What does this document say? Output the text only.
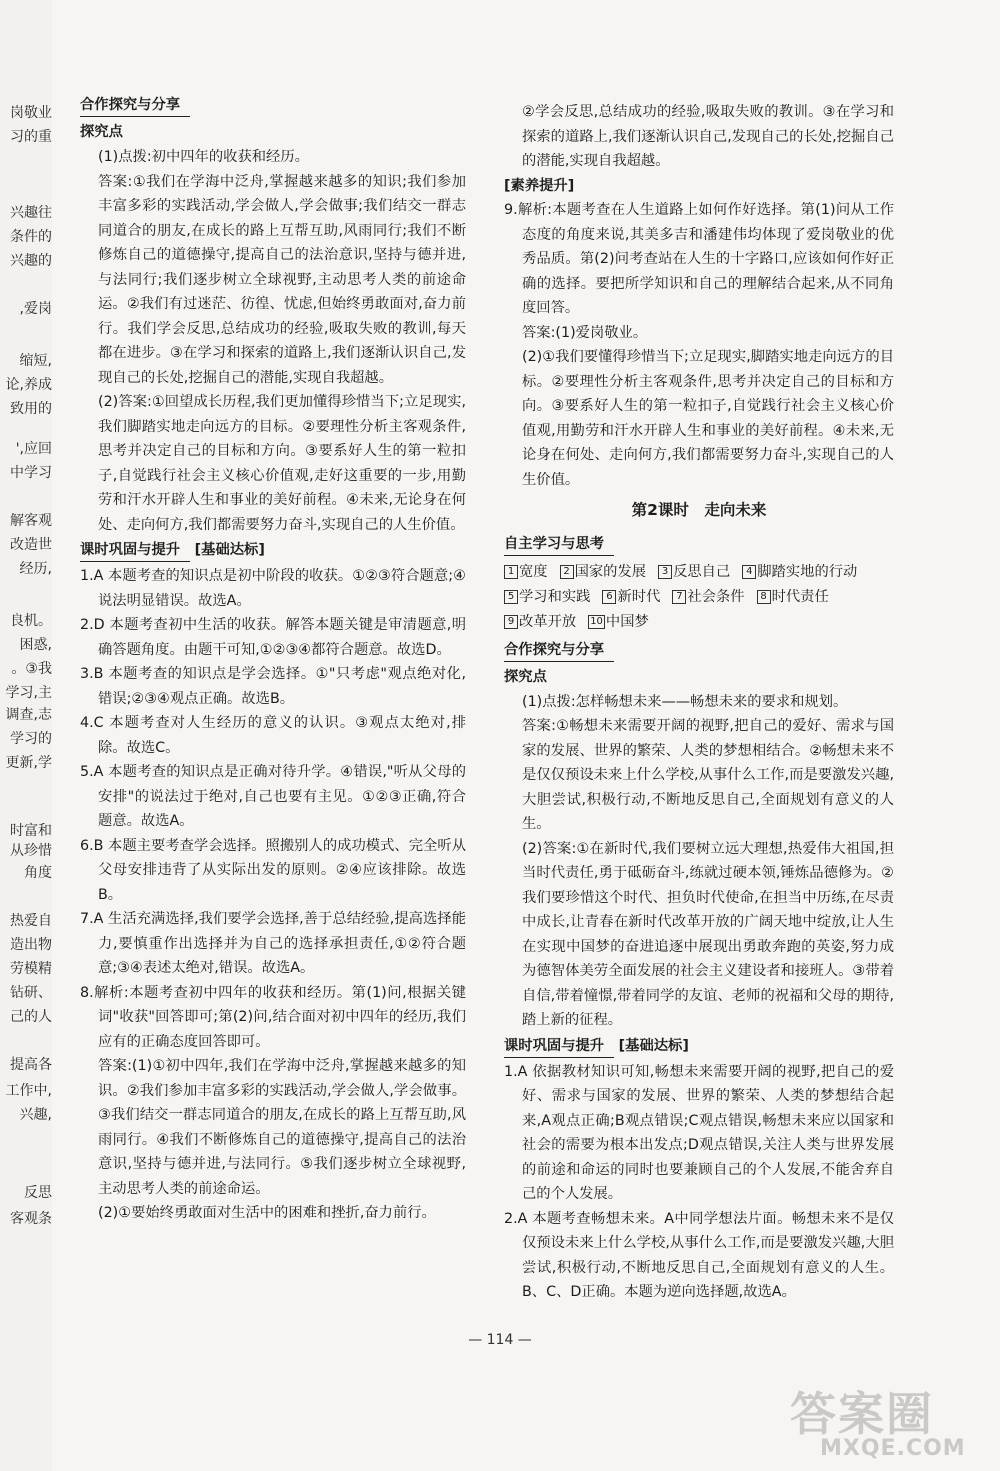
岗敬业
习的重
兴趣往
条件的
兴趣的
,爱岗
缩短,
论,养成
致用的
',应回
中学习
解客观
改造世
经历,
良机。
困惑,
。③我
学习,主
调查,志
学习的
更新,学
时富和
从珍惜
角度
热爱自
造出物
劳模精
钻研、
己的人
提高各
工作中,
兴趣,
反思
客观条
合作探究与分享
探究点

(1)点拨:初中四年的收获和经历。

答案:①我们在学海中泛舟,掌握越来越多的知识;我们参加丰富多彩的实践活动,学会做人,学会做事;我们结交一群志同道合的朋友,在成长的路上互帮互助,风雨同行;我们不断修炼自己的道德操守,提高自己的法治意识,坚持与德并进,与法同行;我们逐步树立全球视野,主动思考人类的前途命运。②我们有过迷茫、彷徨、忧虑,但始终勇敢面对,奋力前行。我们学会反思,总结成功的经验,吸取失败的教训,每天都在进步。③在学习和探索的道路上,我们逐渐认识自己,发现自己的长处,挖掘自己的潜能,实现自我超越。

(2)答案:①回望成长历程,我们更加懂得珍惜当下;立足现实,我们脚踏实地走向远方的目标。②要理性分析主客观条件,思考并决定自己的目标和方向。③要系好人生的第一粒扣子,自觉践行社会主义核心价值观,走好这重要的一步,用勤劳和汗水开辟人生和事业的美好前程。④未来,无论身在何处、走向何方,我们都需要努力奋斗,实现自己的人生价值。

课时巩固与提升 [基础达标]

1.A 本题考查的知识点是初中阶段的收获。①②③符合题意;④说法明显错误。故选A。

2.D 本题考查初中生活的收获。解答本题关键是审清题意,明确答题角度。由题干可知,①②③④都符合题意。故选D。

3.B 本题考查的知识点是学会选择。①"只考虑"观点绝对化,错误;②③④观点正确。故选B。

4.C 本题考查对人生经历的意义的认识。③观点太绝对,排除。故选C。

5.A 本题考查的知识点是正确对待升学。④错误,"听从父母的安排"的说法过于绝对,自己也要有主见。①②③正确,符合题意。故选A。

6.B 本题主要考查学会选择。照搬别人的成功模式、完全听从父母安排违背了从实际出发的原则。②④应该排除。故选B。

7.A 生活充满选择,我们要学会选择,善于总结经验,提高选择能力,要慎重作出选择并为自己的选择承担责任,①②符合题意;③④表述太绝对,错误。故选A。

8.解析:本题考查初中四年的收获和经历。第(1)问,根据关键词"收获"回答即可;第(2)问,结合面对初中四年的经历,我们应有的正确态度回答即可。

答案:(1)①初中四年,我们在学海中泛舟,掌握越来越多的知识。②我们参加丰富多彩的实践活动,学会做人,学会做事。③我们结交一群志同道合的朋友,在成长的路上互帮互助,风雨同行。④我们不断修炼自己的道德操守,提高自己的法治意识,坚持与德并进,与法同行。⑤我们逐步树立全球视野,主动思考人类的前途命运。

(2)①要始终勇敢面对生活中的困难和挫折,奋力前行。

②学会反思,总结成功的经验,吸取失败的教训。③在学习和探索的道路上,我们逐渐认识自己,发现自己的长处,挖掘自己的潜能,实现自我超越。

[素养提升]

9.解析:本题考查在人生道路上如何作好选择。第(1)问从工作态度的角度来说,其美多吉和潘建伟均体现了爱岗敬业的优秀品质。第(2)问考查站在人生的十字路口,应该如何作好正确的选择。要把所学知识和自己的理解结合起来,从不同角度回答。

答案:(1)爱岗敬业。

(2)①我们要懂得珍惜当下;立足现实,脚踏实地走向远方的目标。②要理性分析主客观条件,思考并决定自己的目标和方向。③要系好人生的第一粒扣子,自觉践行社会主义核心价值观,用勤劳和汗水开辟人生和事业的美好前程。④未来,无论身在何处、走向何方,我们都需要努力奋斗,实现自己的人生价值。

第2课时　走向未来
自主学习与思考
1 宽度	2 国家的发展	3 反思自己	4 脚踏实地的行动
5 学习和实践	6 新时代	7 社会条件	8 时代责任
9 改革开放 10 中国梦
合作探究与分享
探究点

(1)点拨:怎样畅想未来——畅想未来的要求和规划。

答案:①畅想未来需要开阔的视野,把自己的爱好、需求与国家的发展、世界的繁荣、人类的梦想相结合。②畅想未来不是仅仅预设未来上什么学校,从事什么工作,而是要激发兴趣,大胆尝试,积极行动,不断地反思自己,全面规划有意义的人生。

(2)答案:①在新时代,我们要树立远大理想,热爱伟大祖国,担当时代责任,勇于砥砺奋斗,练就过硬本领,锤炼品德修为。②我们要珍惜这个时代、担负时代使命,在担当中历练,在尽责中成长,让青春在新时代改革开放的广阔天地中绽放,让人生在实现中国梦的奋进追逐中展现出勇敢奔跑的英姿,努力成为德智体美劳全面发展的社会主义建设者和接班人。③带着自信,带着憧憬,带着同学的友谊、老师的祝福和父母的期待,踏上新的征程。

课时巩固与提升 [基础达标]

1.A 依据教材知识可知,畅想未来需要开阔的视野,把自己的爱好、需求与国家的发展、世界的繁荣、人类的梦想结合起来,A观点正确;B观点错误;C观点错误,畅想未来应以国家和社会的需要为根本出发点;D观点错误,关注人类与世界发展的前途和命运的同时也要兼顾自己的个人发展,不能舍弃自己的个人发展。

2.A 本题考查畅想未来。A中同学想法片面。畅想未来不是仅仅预设未来上什么学校,从事什么工作,而是要激发兴趣,大胆尝试,积极行动,不断地反思自己,全面规划有意义的人生。B、C、D正确。本题为逆向选择题,故选A。

— 114 —
答案圈
MXQE.COM
